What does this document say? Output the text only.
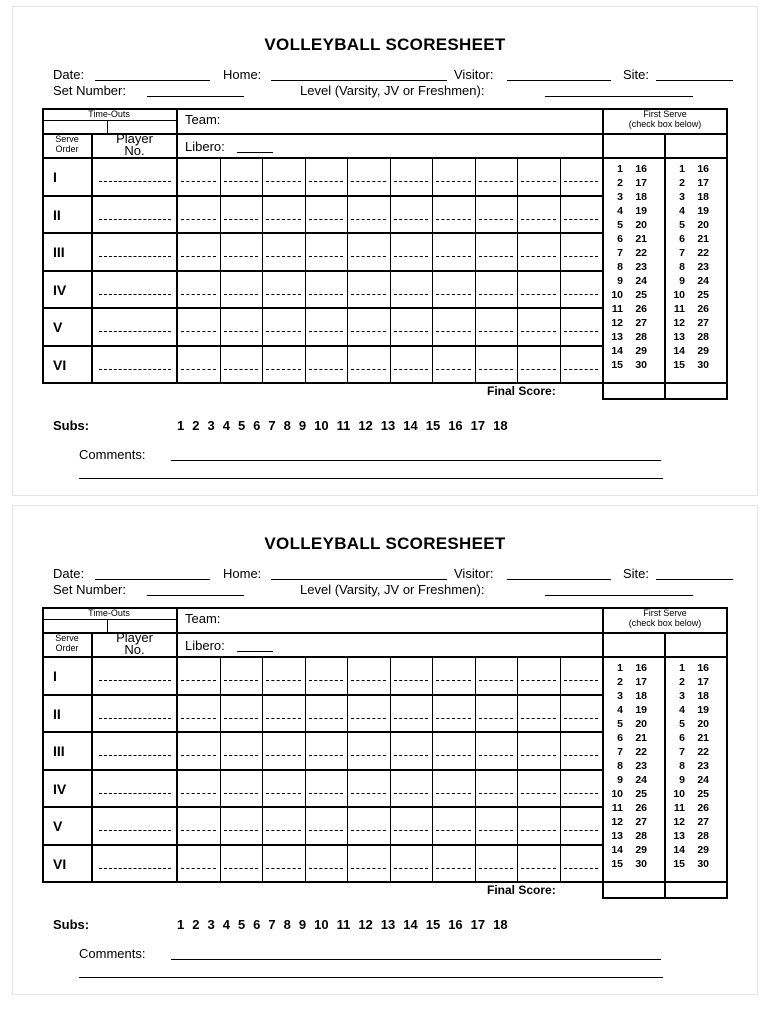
VOLLEYBALL SCORESHEET
Date:	Home:	Visitor:	Site:
Set Number:	Level (Varsity, JV or Freshmen):
Time-Outs
Serve
Order
Player
No.
Team:
Libero:
First Serve
(check box below)
I
II
III
IV
V
VI
1	16
2	17
3	18
4	19
5	20
6	21
7	22
8	23
9	24
10	25
11	26
12	27
13	28
14	29
15	30
1	16
2	17
3	18
4	19
5	20
6	21
7	22
8	23
9	24
10	25
11	26
12	27
13	28
14	29
15	30
Final Score:
Subs:	1 2 3 4 5 6 7 8 9 10 11 12 13 14 15 16 17 18
Comments:
VOLLEYBALL SCORESHEET
Date:	Home:	Visitor:	Site:
Set Number:	Level (Varsity, JV or Freshmen):
Time-Outs
Serve
Order
Player
No.
Team:
Libero:
First Serve
(check box below)
I
II
III
IV
V
VI
1	16
2	17
3	18
4	19
5	20
6	21
7	22
8	23
9	24
10	25
11	26
12	27
13	28
14	29
15	30
1	16
2	17
3	18
4	19
5	20
6	21
7	22
8	23
9	24
10	25
11	26
12	27
13	28
14	29
15	30
Final Score:
Subs:	1 2 3 4 5 6 7 8 9 10 11 12 13 14 15 16 17 18
Comments:
